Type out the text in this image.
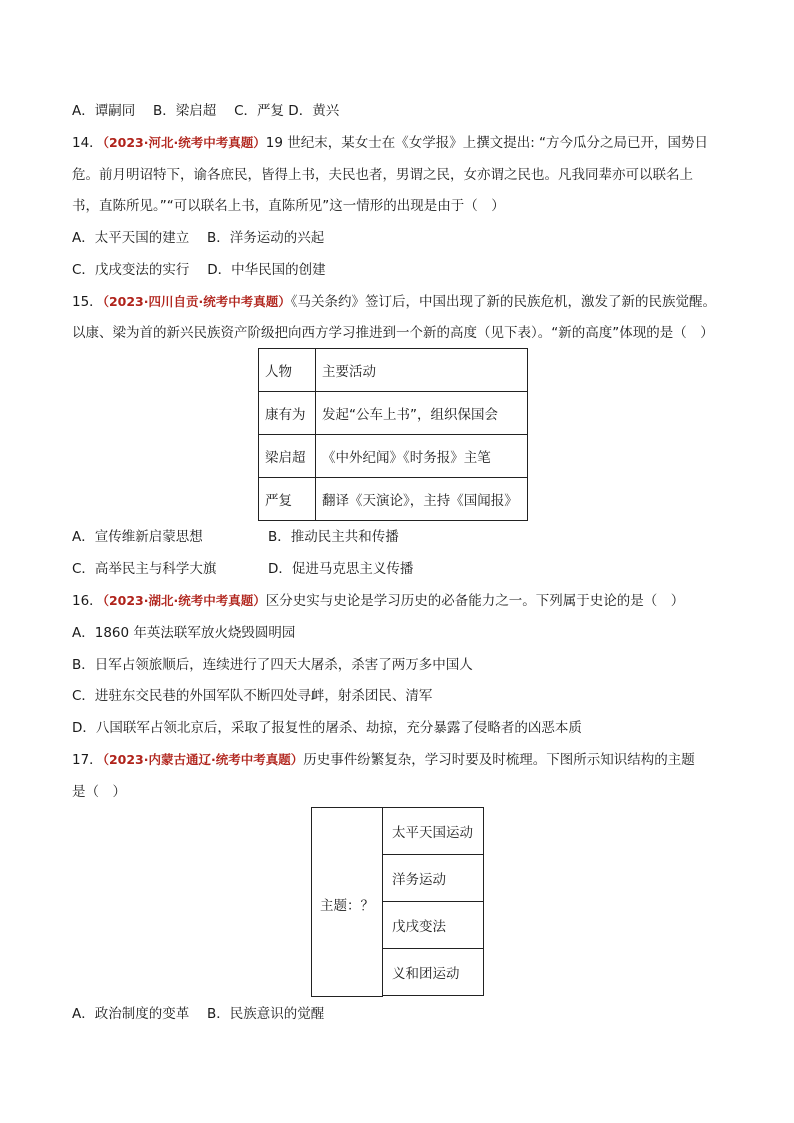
A．谭嗣同　 B．梁启超　 C．严复 D．黄兴
14．（2023·河北·统考中考真题）19 世纪末，某女士在《女学报》上撰文提出: “方今瓜分之局已开，国势日
危。前月明诏特下，谕各庶民，皆得上书，夫民也者，男谓之民，女亦谓之民也。凡我同辈亦可以联名上
书，直陈所见。”“可以联名上书，直陈所见”这一情形的出现是由于（　）
A．太平天国的建立　 B．洋务运动的兴起
C．戊戌变法的实行　 D．中华民国的创建
15．（2023·四川自贡·统考中考真题）《马关条约》签订后，中国出现了新的民族危机，激发了新的民族觉醒。
以康、梁为首的新兴民族资产阶级把向西方学习推进到一个新的高度（见下表）。“新的高度”体现的是（　）
人物	主要活动
康有为	发起“公车上书”，组织保国会
梁启超	《中外纪闻》《时务报》主笔
严复	翻译《天演论》，主持《国闻报》
A．宣传维新启蒙思想	B．推动民主共和传播
C．高举民主与科学大旗	D．促进马克思主义传播
16．（2023·湖北·统考中考真题）区分史实与史论是学习历史的必备能力之一。下列属于史论的是（　）
A．1860 年英法联军放火烧毁圆明园
B．日军占领旅顺后，连续进行了四天大屠杀，杀害了两万多中国人
C．进驻东交民巷的外国军队不断四处寻衅，射杀团民、清军
D．八国联军占领北京后，采取了报复性的屠杀、劫掠，充分暴露了侵略者的凶恶本质
17．（2023·内蒙古通辽·统考中考真题）历史事件纷繁复杂，学习时要及时梳理。下图所示知识结构的主题
是（　）
主题：？
太平天国运动
洋务运动
戊戌变法
义和团运动
A．政治制度的变革　 B．民族意识的觉醒
